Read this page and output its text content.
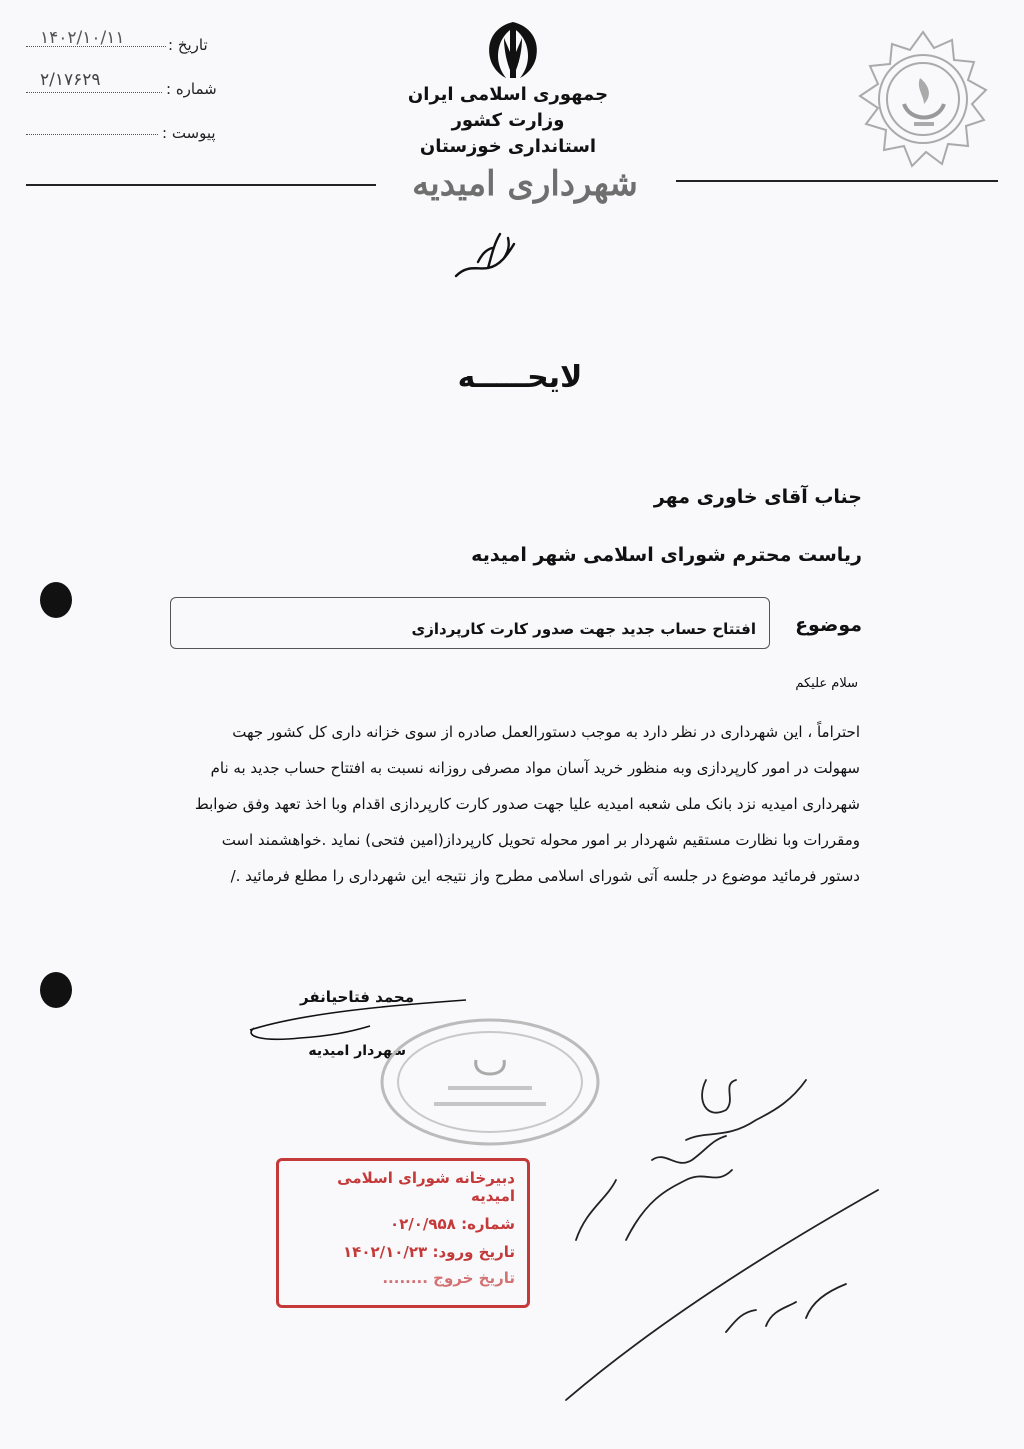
تاریخ :
۱۴۰۲/۱۰/۱۱
شماره :
۲/۱۷۶۲۹
پیوست :
جمهوری اسلامی ایران
وزارت کشور
استانداری خوزستان
شهرداری امیدیه
لایحـــــه
جناب آقای خاوری مهر
ریاست محترم شورای اسلامی شهر امیدیه
موضوع
افتتاح حساب جدید جهت صدور کارت کارپردازی
سلام علیکم

احتراماً ، این شهرداری در نظر دارد به موجب دستورالعمل صادره از سوی خزانه داری کل کشور جهت

سهولت در امور کارپردازی وبه منظور خرید آسان مواد مصرفی روزانه نسبت به افتتاح حساب جدید به نام

شهرداری امیدیه نزد بانک ملی شعبه امیدیه علیا جهت صدور کارت کارپردازی اقدام وبا اخذ تعهد وفق ضوابط

ومقررات وبا نظارت مستقیم شهردار بر امور محوله تحویل کارپرداز(امین فتحی) نماید .خواهشمند است

دستور فرمائید موضوع در جلسه آتی شورای اسلامی مطرح واز نتیجه این شهرداری را مطلع فرمائید ./

محمد فتاحیانفر
شهردار امیدیه
دبیرخانه شورای اسلامی امیدیه
شماره: ۰۲/۰/۹۵۸
تاریخ ورود: ۱۴۰۲/۱۰/۲۳
تاریخ خروج ........
